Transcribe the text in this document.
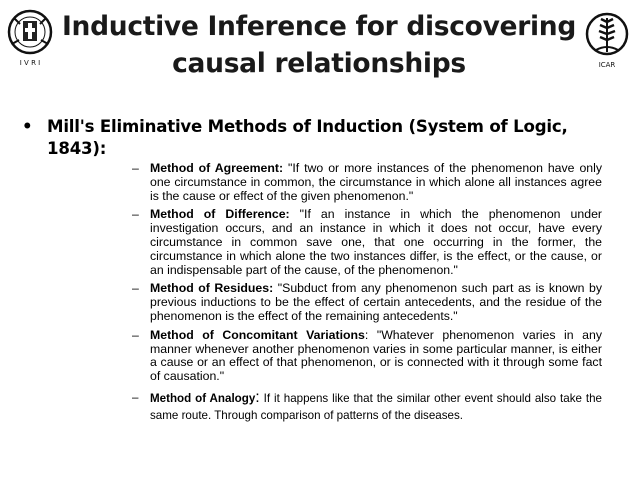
I V R I	ICAR
Inductive Inference for discovering causal relationships
• Mill's Eliminative Methods of Induction (System of Logic, 1843):
– Method of Agreement: "If two or more instances of the phenomenon have only one circumstance in common, the circumstance in which alone all instances agree is the cause or effect of the given phenomenon."
– Method of Difference: "If an instance in which the phenomenon under investigation occurs, and an instance in which it does not occur, have every circumstance in common save one, that one occurring in the former, the circumstance in which alone the two instances differ, is the effect, or the cause, or an indispensable part of the cause, of the phenomenon."
– Method of Residues: "Subduct from any phenomenon such part as is known by previous inductions to be the effect of certain antecedents, and the residue of the phenomenon is the effect of the remaining antecedents."
– Method of Concomitant Variations: "Whatever phenomenon varies in any manner whenever another phenomenon varies in some particular manner, is either a cause or an effect of that phenomenon, or is connected with it through some fact of causation."
– Method of Analogy: If it happens like that the similar other event should also take the same route. Through comparison of patterns of the diseases.
